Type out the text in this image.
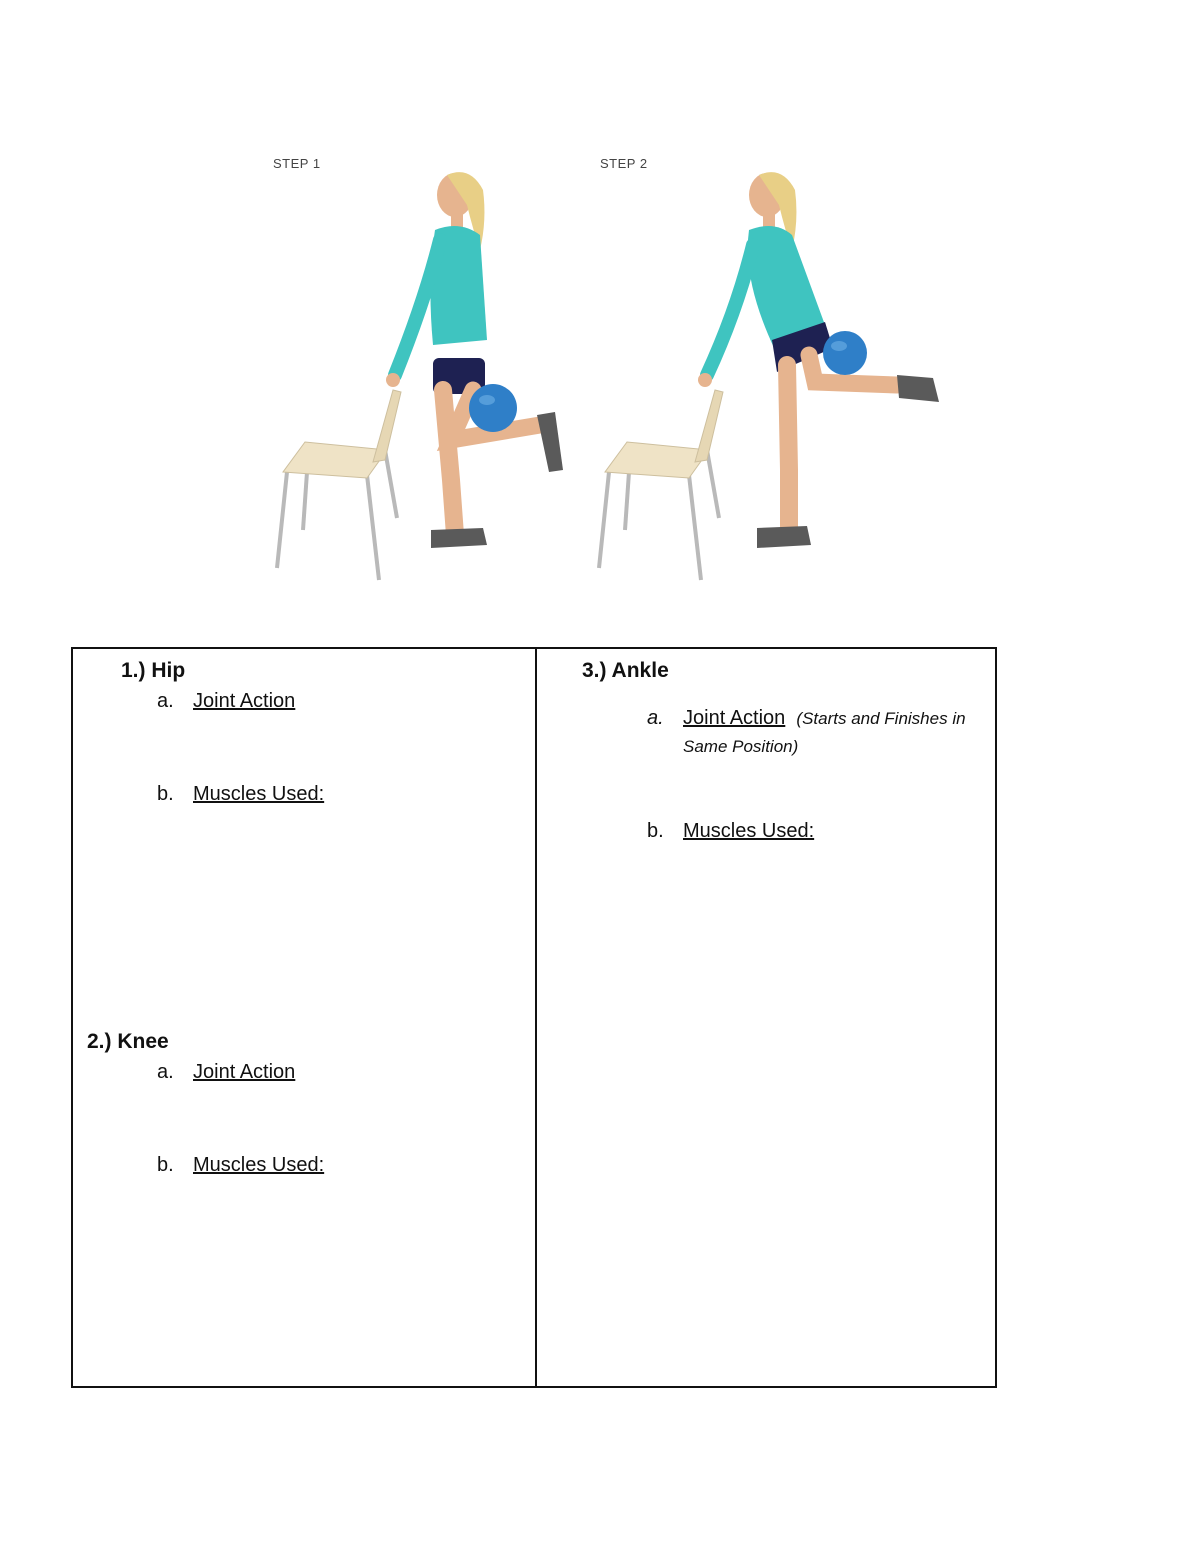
STEP 1	STEP 2
1.) Hip
a. Joint Action
b. Muscles Used:
2.) Knee
a. Joint Action
b. Muscles Used:
3.) Ankle
a. Joint Action (Starts and Finishes in
Same Position)
b. Muscles Used:
